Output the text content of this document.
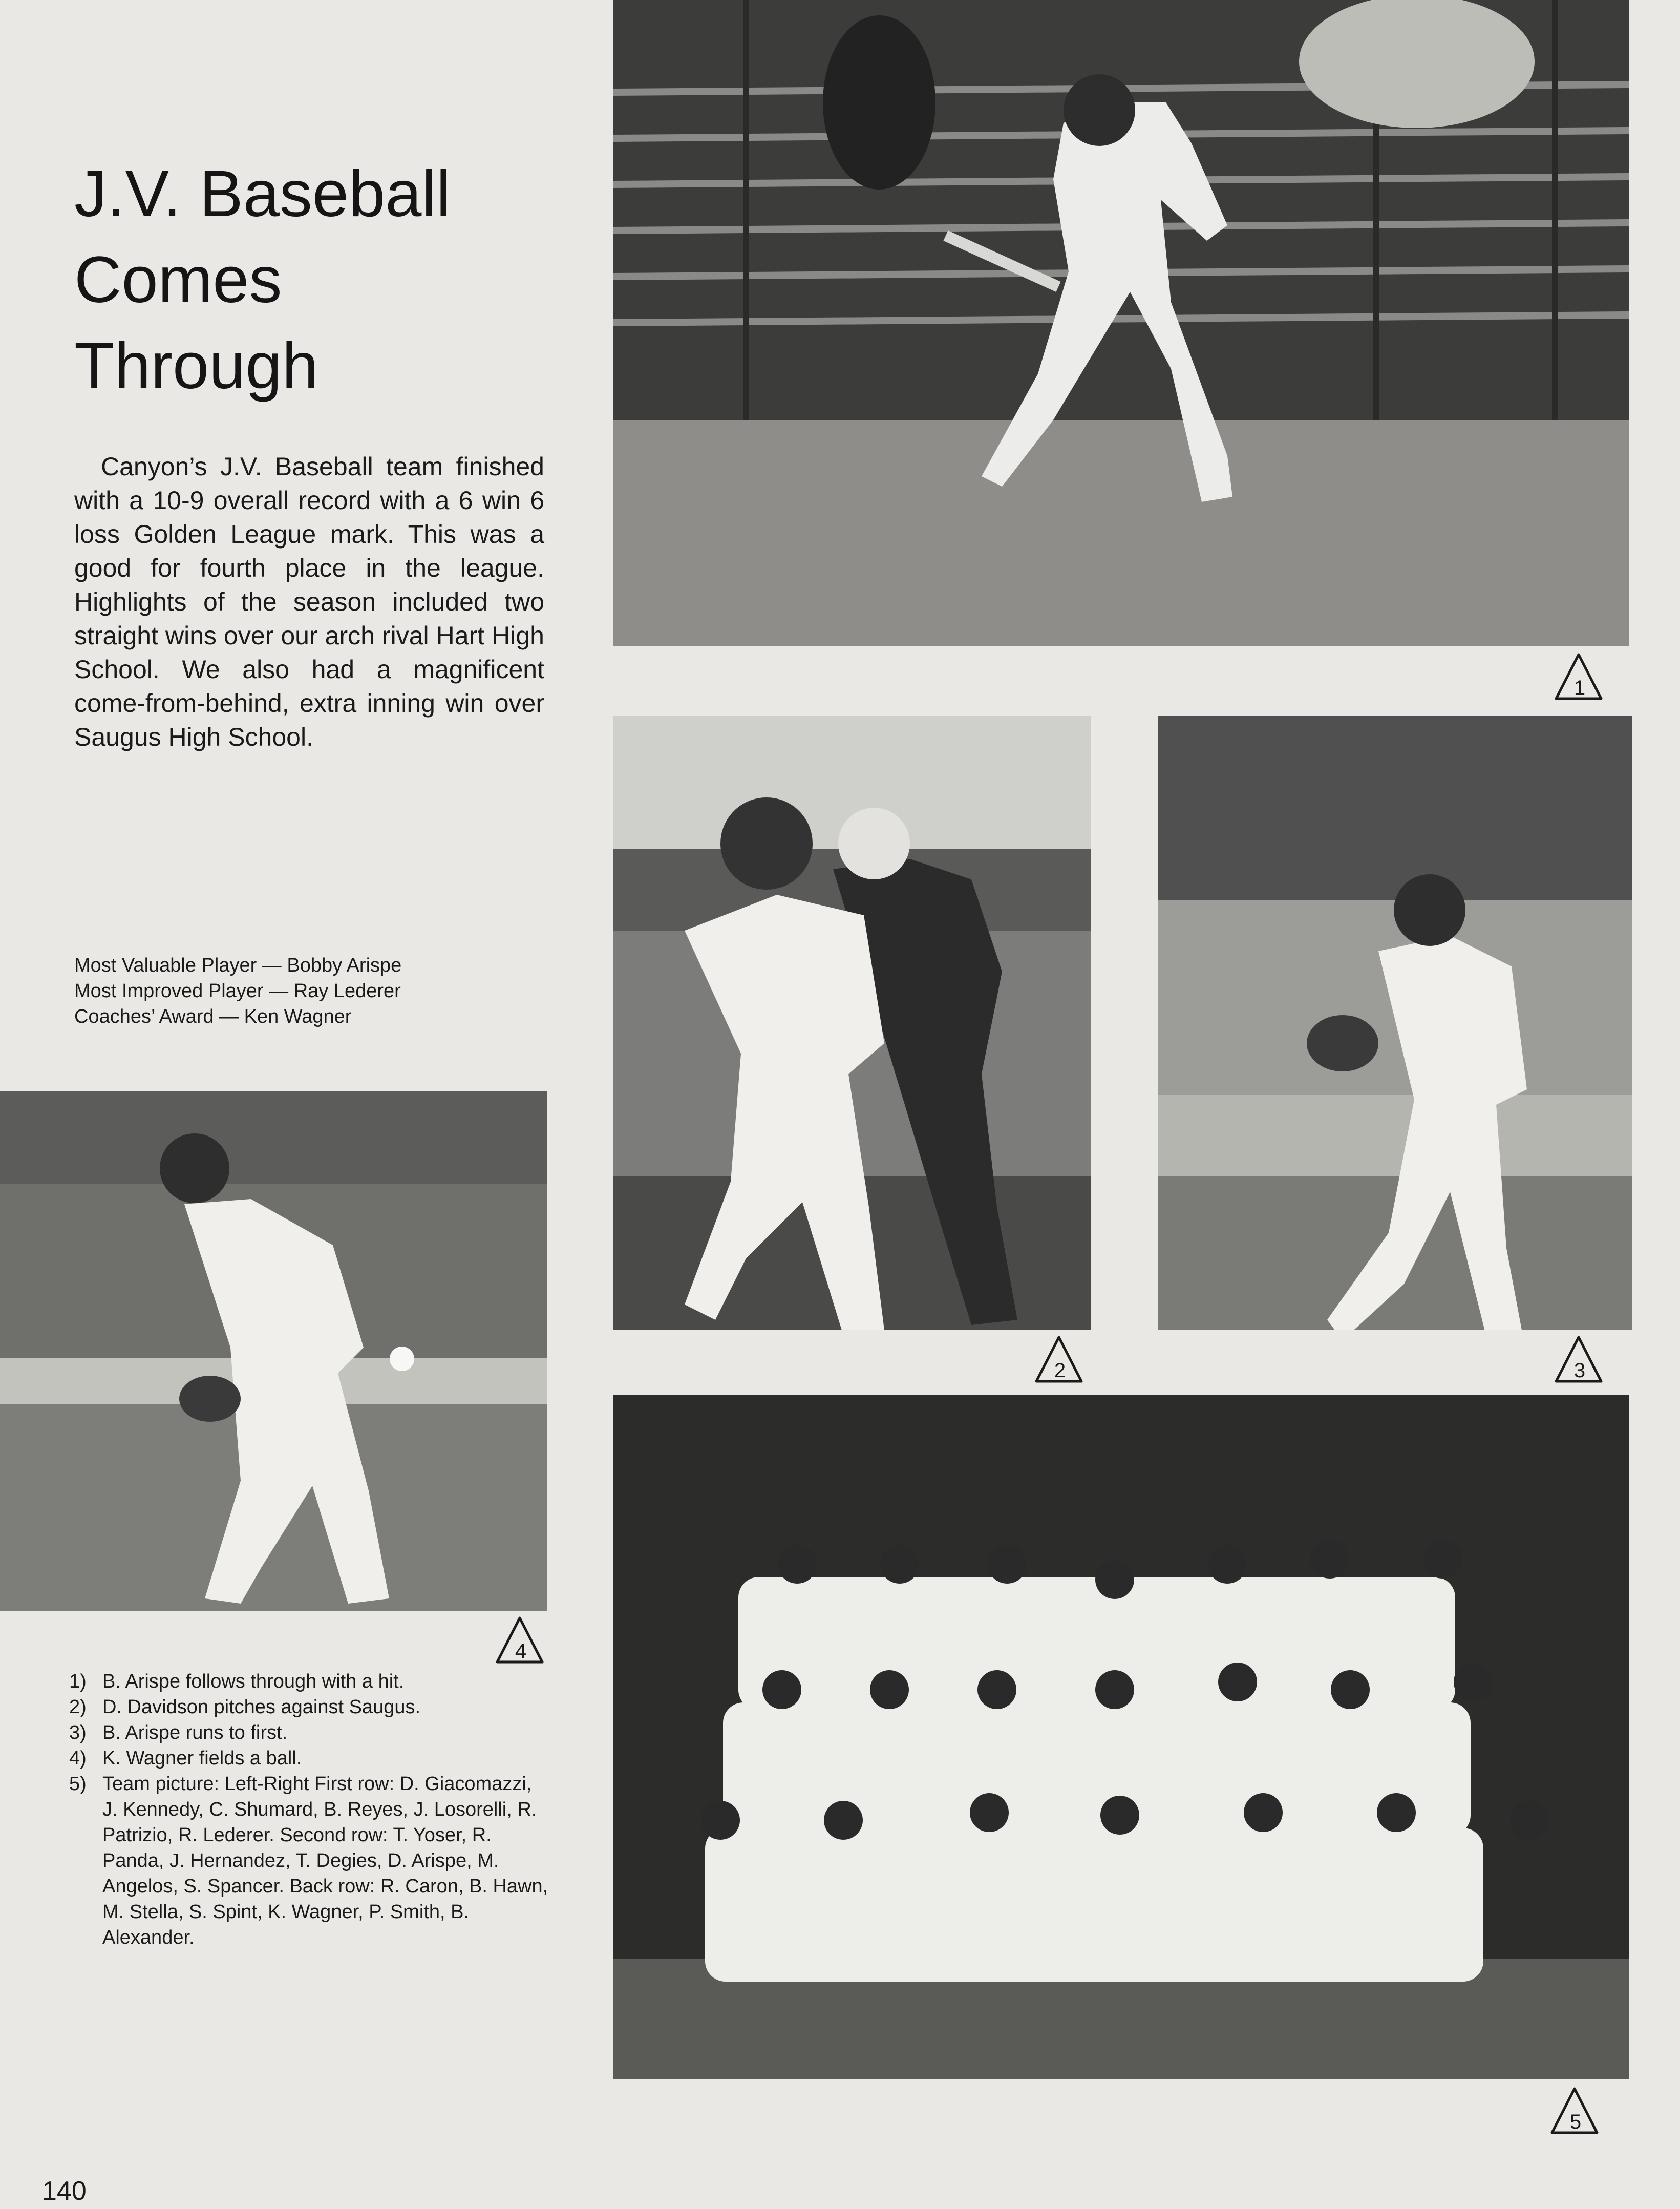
J.V. Baseball
Comes
Through

Canyon’s J.V. Baseball team finished with a 10-9 overall record with a 6 win 6 loss Golden League mark. This was a good for fourth place in the league. Highlights of the season included two straight wins over our arch rival Hart High School. We also had a magnificent come-from-behind, extra inning win over Saugus High School.

Most Valuable Player — Bobby Arispe
Most Improved Player — Ray Lederer
Coaches’ Award — Ken Wagner
1
2	3
4
5
1) B. Arispe follows through with a hit.
2) D. Davidson pitches against Saugus.
3) B. Arispe runs to first.
4) K. Wagner fields a ball.
5) Team picture: Left-Right First row: D. Giacomazzi, J. Kennedy, C. Shumard, B. Reyes, J. Losorelli, R. Patrizio, R. Lederer. Second row: T. Yoser, R. Panda, J. Hernandez, T. Degies, D. Arispe, M. Angelos, S. Spancer. Back row: R. Caron, B. Hawn, M. Stella, S. Spint, K. Wagner, P. Smith, B. Alexander.
140
